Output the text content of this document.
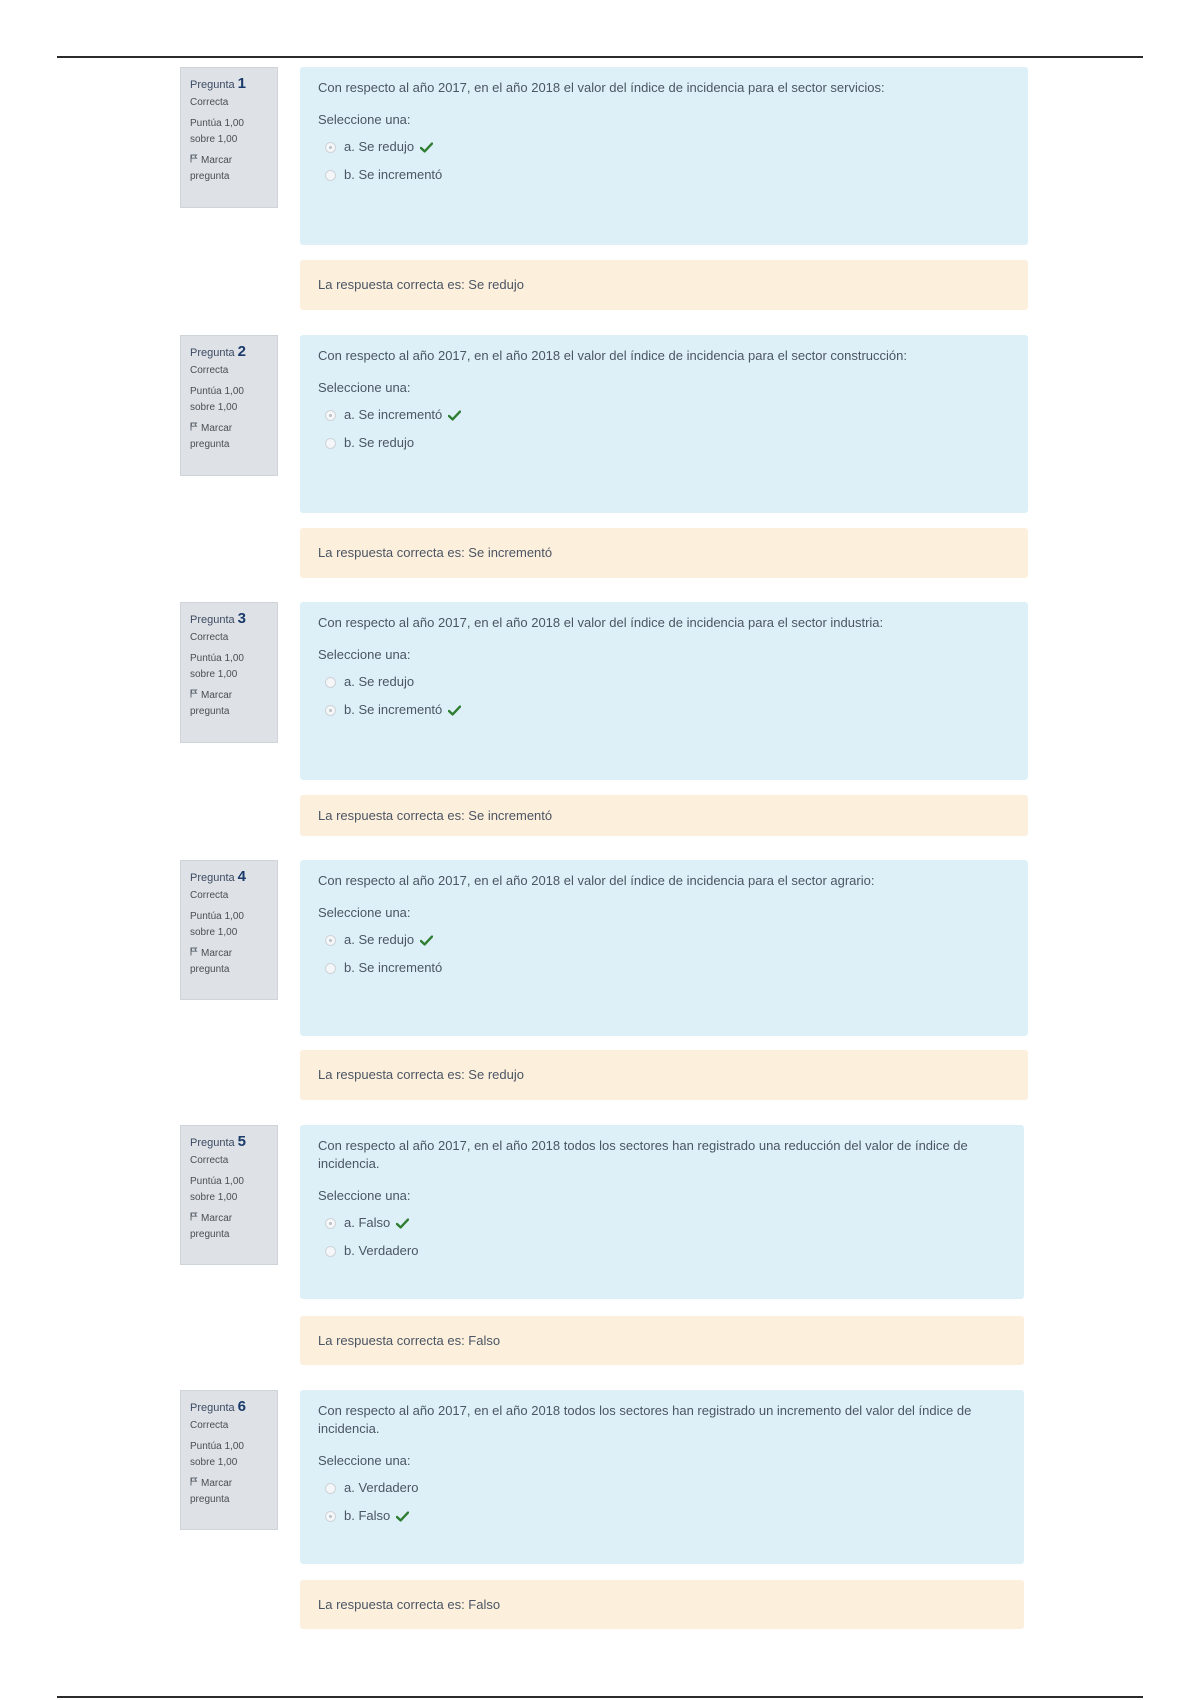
Pregunta 1
Correcta
Puntúa 1,00
sobre 1,00
Marcar
pregunta
Con respecto al año 2017, en el año 2018 el valor del índice de incidencia para el sector servicios:
Seleccione una:
a. Se redujo
b. Se incrementó
La respuesta correcta es: Se redujo
Pregunta 2
Correcta
Puntúa 1,00
sobre 1,00
Marcar
pregunta
Con respecto al año 2017, en el año 2018 el valor del índice de incidencia para el sector construcción:
Seleccione una:
a. Se incrementó
b. Se redujo
La respuesta correcta es: Se incrementó
Pregunta 3
Correcta
Puntúa 1,00
sobre 1,00
Marcar
pregunta
Con respecto al año 2017, en el año 2018 el valor del índice de incidencia para el sector industria:
Seleccione una:
a. Se redujo
b. Se incrementó
La respuesta correcta es: Se incrementó
Pregunta 4
Correcta
Puntúa 1,00
sobre 1,00
Marcar
pregunta
Con respecto al año 2017, en el año 2018 el valor del índice de incidencia para el sector agrario:
Seleccione una:
a. Se redujo
b. Se incrementó
La respuesta correcta es: Se redujo
Pregunta 5
Correcta
Puntúa 1,00
sobre 1,00
Marcar
pregunta
Con respecto al año 2017, en el año 2018 todos los sectores han registrado una reducción del valor de índice de incidencia.
Seleccione una:
a. Falso
b. Verdadero
La respuesta correcta es: Falso
Pregunta 6
Correcta
Puntúa 1,00
sobre 1,00
Marcar
pregunta
Con respecto al año 2017, en el año 2018 todos los sectores han registrado un incremento del valor del índice de incidencia.
Seleccione una:
a. Verdadero
b. Falso
La respuesta correcta es: Falso
